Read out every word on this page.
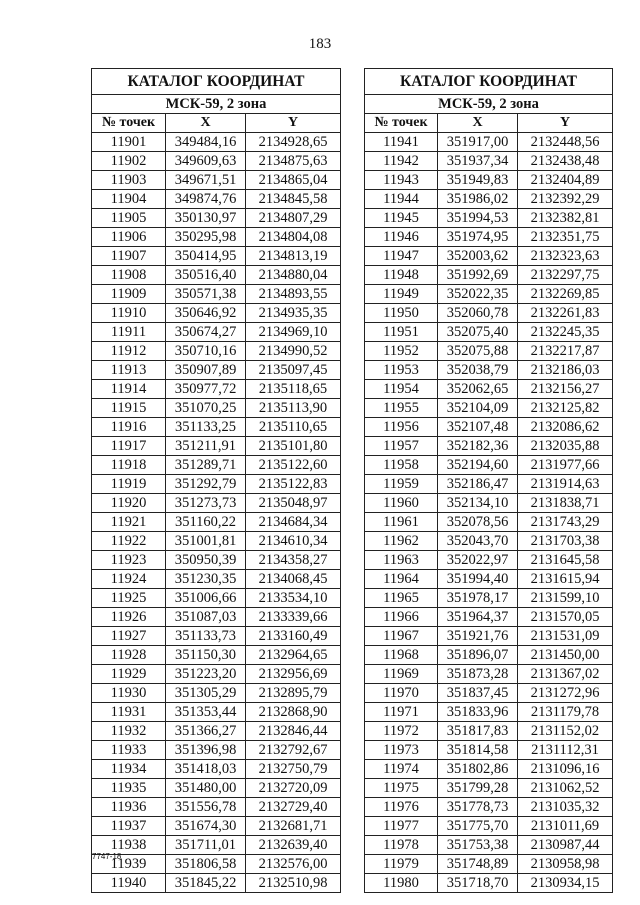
183
КАТАЛОГ КООРДИНАТ		
МСК-59, 2 зона		
№ точек	X	Y
11901	349484,16	2134928,65
11902	349609,63	2134875,63
11903	349671,51	2134865,04
11904	349874,76	2134845,58
11905	350130,97	2134807,29
11906	350295,98	2134804,08
11907	350414,95	2134813,19
11908	350516,40	2134880,04
11909	350571,38	2134893,55
11910	350646,92	2134935,35
11911	350674,27	2134969,10
11912	350710,16	2134990,52
11913	350907,89	2135097,45
11914	350977,72	2135118,65
11915	351070,25	2135113,90
11916	351133,25	2135110,65
11917	351211,91	2135101,80
11918	351289,71	2135122,60
11919	351292,79	2135122,83
11920	351273,73	2135048,97
11921	351160,22	2134684,34
11922	351001,81	2134610,34
11923	350950,39	2134358,27
11924	351230,35	2134068,45
11925	351006,66	2133534,10
11926	351087,03	2133339,66
11927	351133,73	2133160,49
11928	351150,30	2132964,65
11929	351223,20	2132956,69
11930	351305,29	2132895,79
11931	351353,44	2132868,90
11932	351366,27	2132846,44
11933	351396,98	2132792,67
11934	351418,03	2132750,79
11935	351480,00	2132720,09
11936	351556,78	2132729,40
11937	351674,30	2132681,71
11938	351711,01	2132639,40
11939	351806,58	2132576,00
11940	351845,22	2132510,98
КАТАЛОГ КООРДИНАТ		
МСК-59, 2 зона		
№ точек	X	Y
11941	351917,00	2132448,56
11942	351937,34	2132438,48
11943	351949,83	2132404,89
11944	351986,02	2132392,29
11945	351994,53	2132382,81
11946	351974,95	2132351,75
11947	352003,62	2132323,63
11948	351992,69	2132297,75
11949	352022,35	2132269,85
11950	352060,78	2132261,83
11951	352075,40	2132245,35
11952	352075,88	2132217,87
11953	352038,79	2132186,03
11954	352062,65	2132156,27
11955	352104,09	2132125,82
11956	352107,48	2132086,62
11957	352182,36	2132035,88
11958	352194,60	2131977,66
11959	352186,47	2131914,63
11960	352134,10	2131838,71
11961	352078,56	2131743,29
11962	352043,70	2131703,38
11963	352022,97	2131645,58
11964	351994,40	2131615,94
11965	351978,17	2131599,10
11966	351964,37	2131570,05
11967	351921,76	2131531,09
11968	351896,07	2131450,00
11969	351873,28	2131367,02
11970	351837,45	2131272,96
11971	351833,96	2131179,78
11972	351817,83	2131152,02
11973	351814,58	2131112,31
11974	351802,86	2131096,16
11975	351799,28	2131062,52
11976	351778,73	2131035,32
11977	351775,70	2131011,69
11978	351753,38	2130987,44
11979	351748,89	2130958,98
11980	351718,70	2130934,15
7747-18
